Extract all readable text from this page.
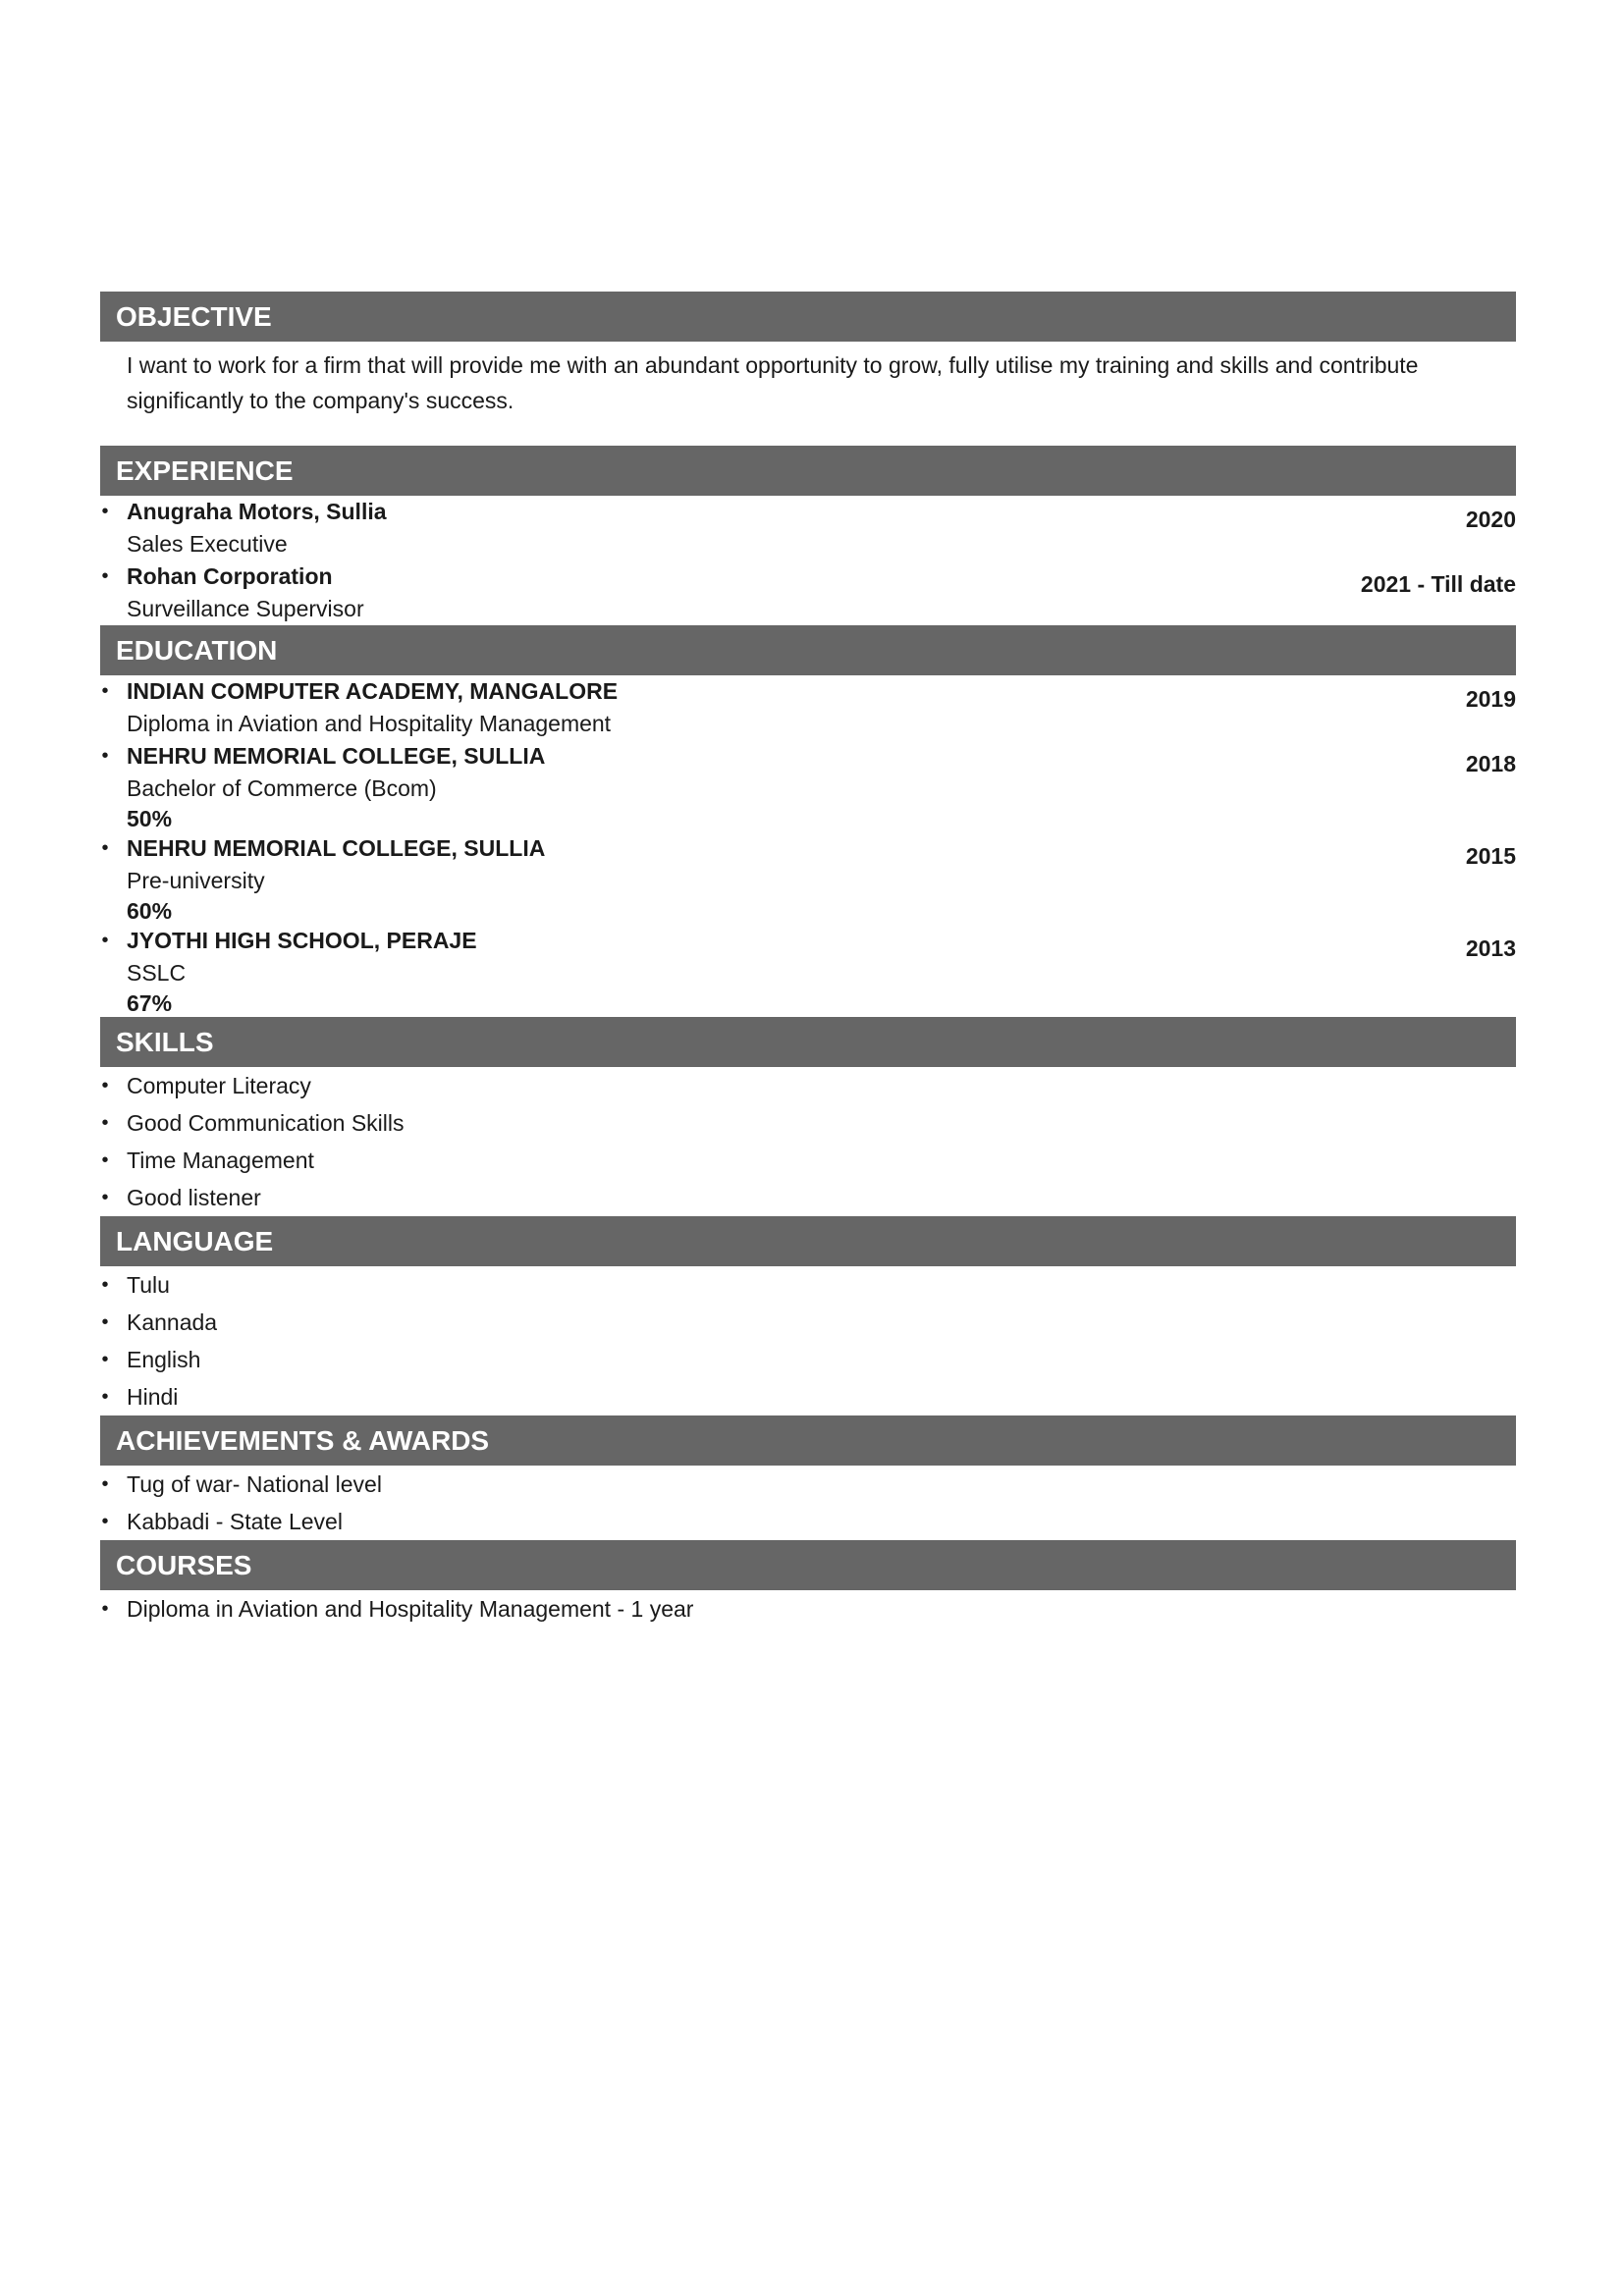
OBJECTIVE
I want to work for a firm that will provide me with an abundant opportunity to grow, fully utilise my training and skills and contribute significantly to the company's success.
EXPERIENCE
• Anugraha Motors, Sullia
Sales Executive
2020
• Rohan Corporation
Surveillance Supervisor
2021 - Till date
EDUCATION
• INDIAN COMPUTER ACADEMY, MANGALORE
Diploma in Aviation and Hospitality Management
2019
• NEHRU MEMORIAL COLLEGE, SULLIA
Bachelor of Commerce (Bcom)
50%
2018
• NEHRU MEMORIAL COLLEGE, SULLIA
Pre-university
60%
2015
• JYOTHI HIGH SCHOOL, PERAJE
SSLC
67%
2013
SKILLS
• Computer Literacy
• Good Communication Skills
• Time Management
• Good listener
LANGUAGE
• Tulu
• Kannada
• English
• Hindi
ACHIEVEMENTS & AWARDS
• Tug of war- National level
• Kabbadi - State Level
COURSES
• Diploma in Aviation and Hospitality Management - 1 year
